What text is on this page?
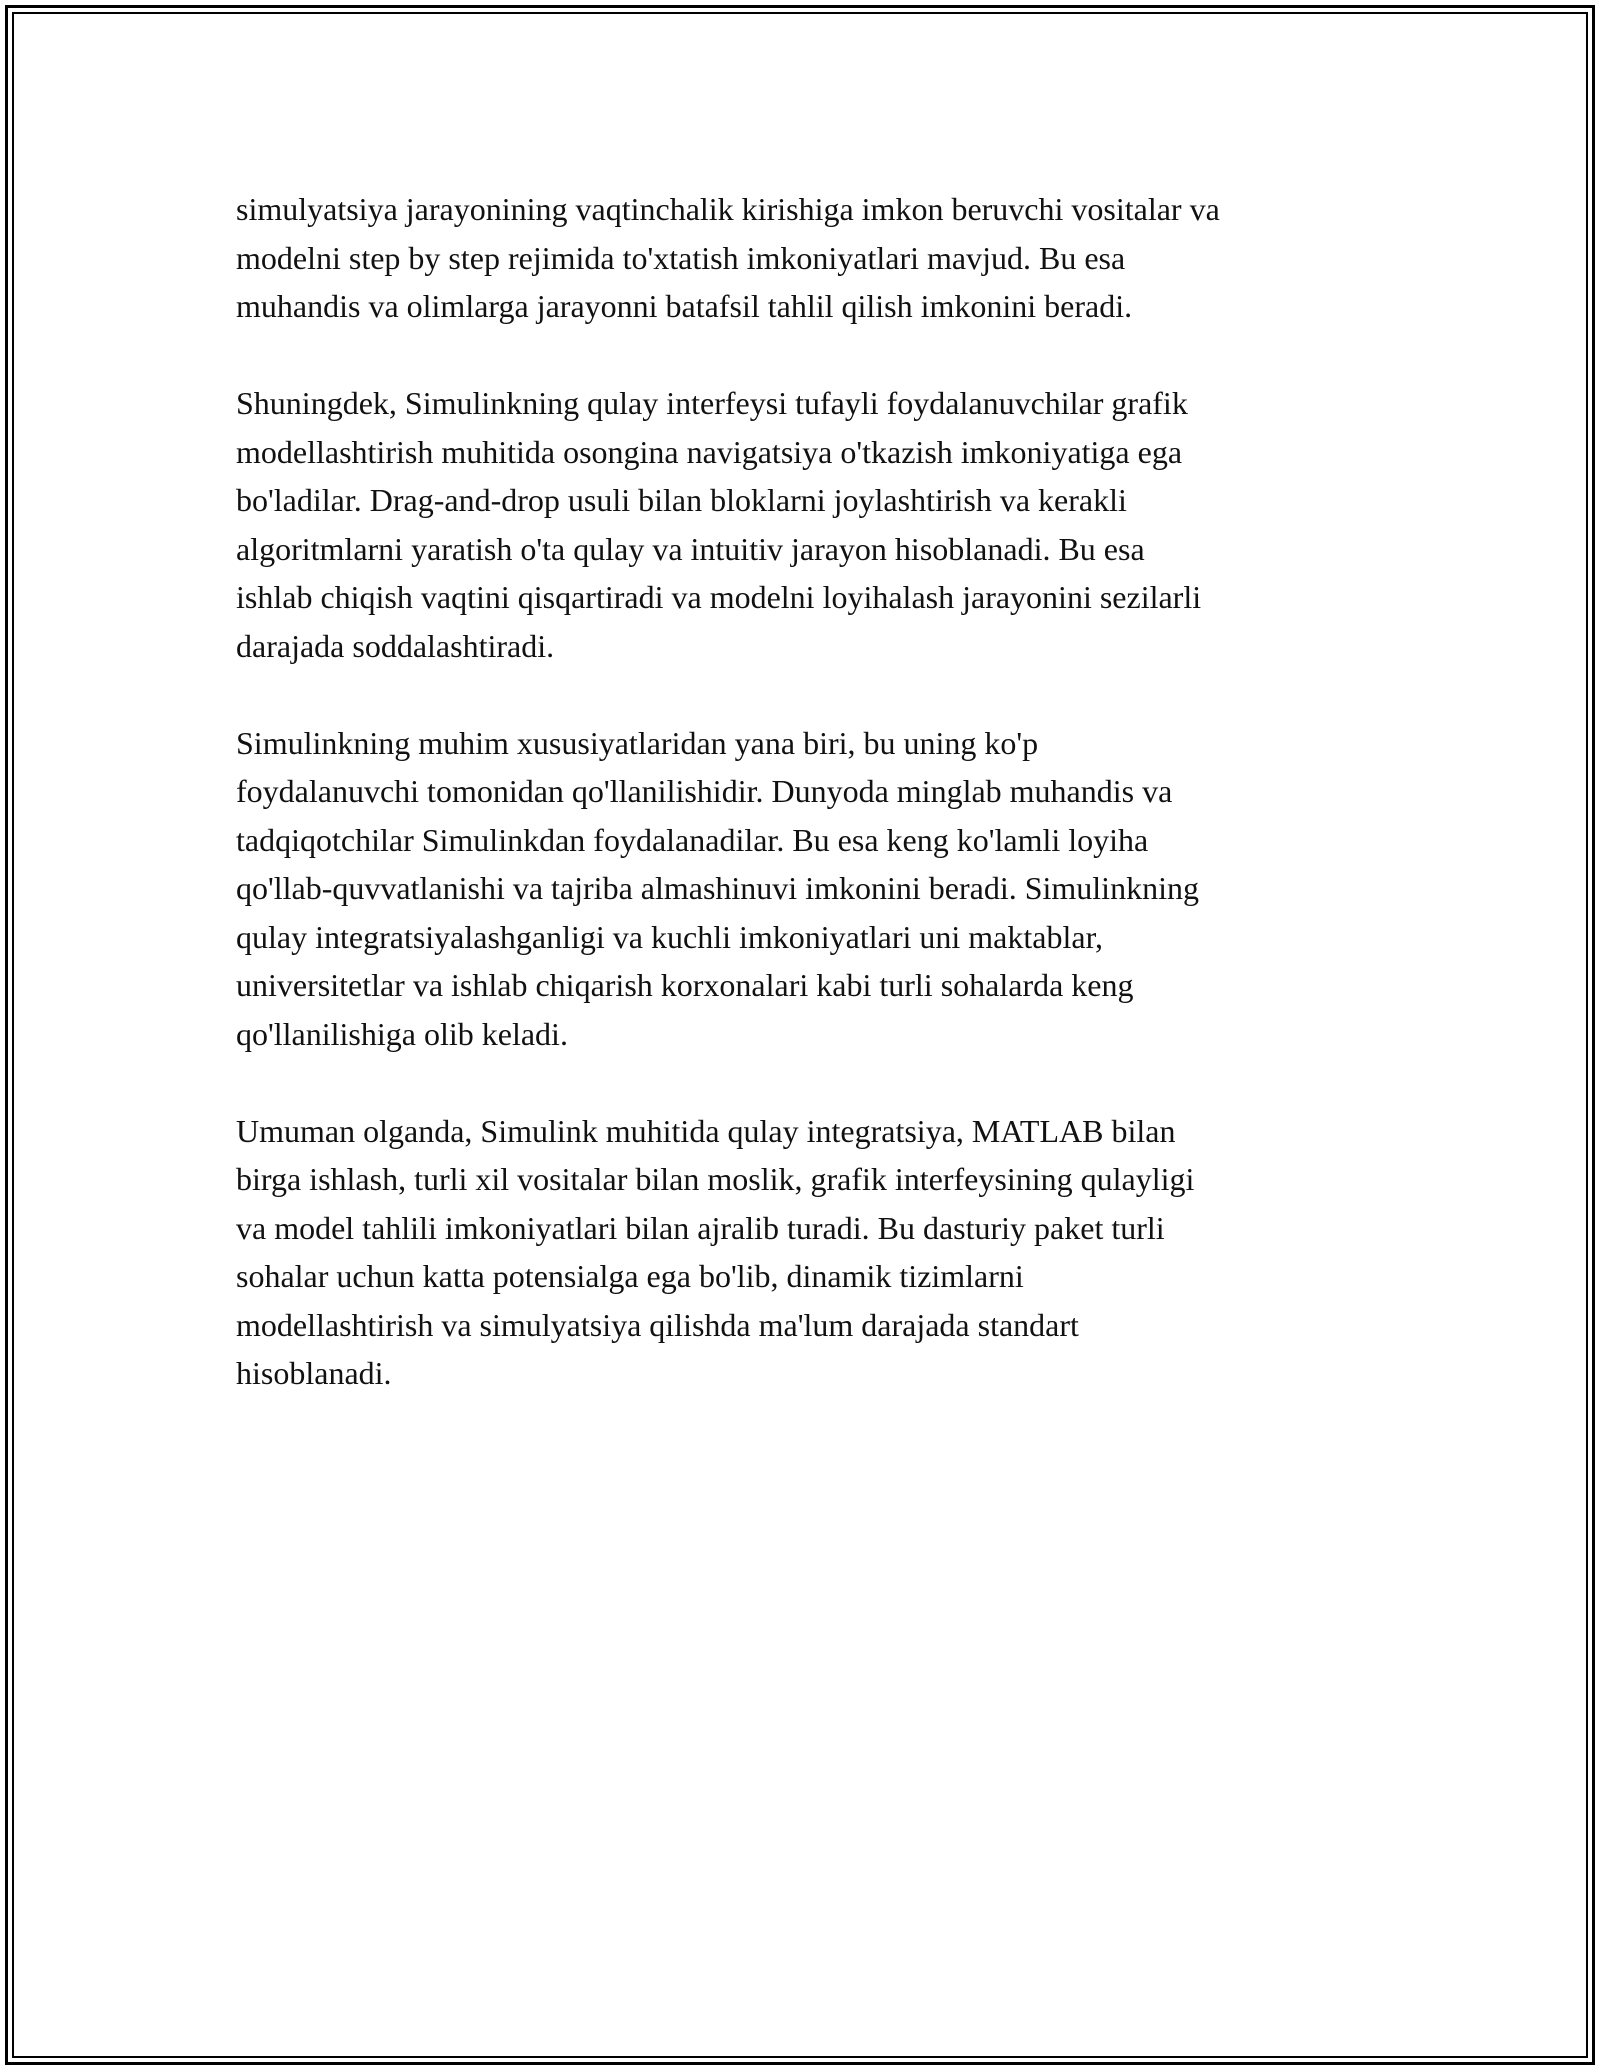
simulyatsiya jarayonining vaqtinchalik kirishiga imkon beruvchi vositalar va
modelni step by step rejimida to'xtatish imkoniyatlari mavjud. Bu esa
muhandis va olimlarga jarayonni batafsil tahlil qilish imkonini beradi.

Shuningdek, Simulinkning qulay interfeysi tufayli foydalanuvchilar grafik
modellashtirish muhitida osongina navigatsiya o'tkazish imkoniyatiga ega
bo'ladilar. Drag-and-drop usuli bilan bloklarni joylashtirish va kerakli
algoritmlarni yaratish o'ta qulay va intuitiv jarayon hisoblanadi. Bu esa
ishlab chiqish vaqtini qisqartiradi va modelni loyihalash jarayonini sezilarli
darajada soddalashtiradi.

Simulinkning muhim xususiyatlaridan yana biri, bu uning ko'p
foydalanuvchi tomonidan qo'llanilishidir. Dunyoda minglab muhandis va
tadqiqotchilar Simulinkdan foydalanadilar. Bu esa keng ko'lamli loyiha
qo'llab-quvvatlanishi va tajriba almashinuvi imkonini beradi. Simulinkning
qulay integratsiyalashganligi va kuchli imkoniyatlari uni maktablar,
universitetlar va ishlab chiqarish korxonalari kabi turli sohalarda keng
qo'llanilishiga olib keladi.

Umuman olganda, Simulink muhitida qulay integratsiya, MATLAB bilan
birga ishlash, turli xil vositalar bilan moslik, grafik interfeysining qulayligi
va model tahlili imkoniyatlari bilan ajralib turadi. Bu dasturiy paket turli
sohalar uchun katta potensialga ega bo'lib, dinamik tizimlarni
modellashtirish va simulyatsiya qilishda ma'lum darajada standart
hisoblanadi.
